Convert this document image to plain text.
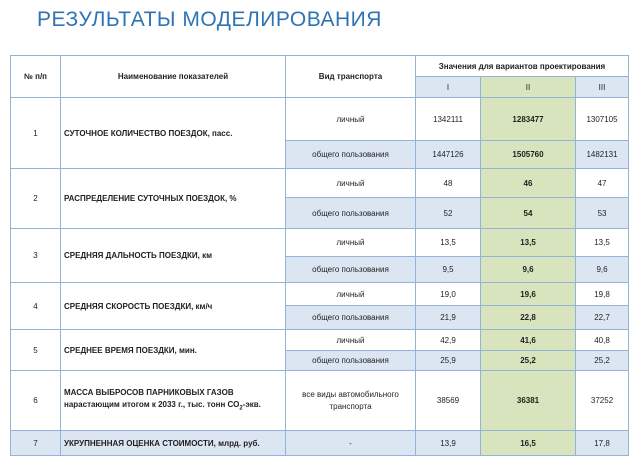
РЕЗУЛЬТАТЫ МОДЕЛИРОВАНИЯ
№ п/п	Наименование показателей	Вид транспорта	Значения для вариантов проектирования		
			I	II	III
1	СУТОЧНОЕ КОЛИЧЕСТВО ПОЕЗДОК, пасс.	личный	1342111	1283477	1307105
		общего пользования	1447126	1505760	1482131
2	РАСПРЕДЕЛЕНИЕ СУТОЧНЫХ ПОЕЗДОК, %	личный	48	46	47
		общего пользования	52	54	53
3	СРЕДНЯЯ ДАЛЬНОСТЬ ПОЕЗДКИ, км	личный	13,5	13,5	13,5
		общего пользования	9,5	9,6	9,6
4	СРЕДНЯЯ СКОРОСТЬ ПОЕЗДКИ, км/ч	личный	19,0	19,6	19,8
		общего пользования	21,9	22,8	22,7
5	СРЕДНЕЕ ВРЕМЯ ПОЕЗДКИ, мин.	личный	42,9	41,6	40,8
		общего пользования	25,9	25,2	25,2
6	МАССА ВЫБРОСОВ ПАРНИКОВЫХ ГАЗОВ
нарастающим итогом к 2033 г., тыс. тонн $СО_2$-экв.	все виды автомобильного транспорта	38569	36381	37252
7	УКРУПНЕННАЯ ОЦЕНКА СТОИМОСТИ, млрд. руб.	-	13,9	16,5	17,8
